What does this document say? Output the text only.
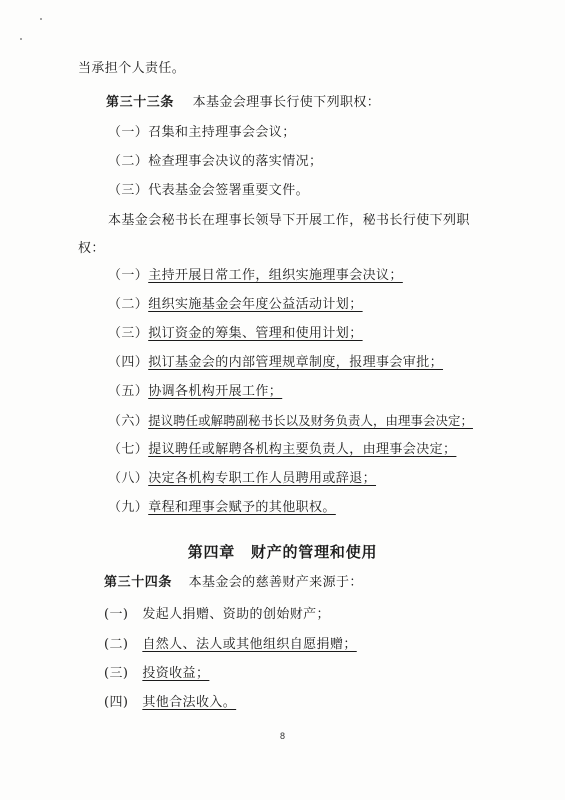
当承担个人责任。
第三十三条 本基金会理事长行使下列职权：
（一）召集和主持理事会会议；
（二）检查理事会决议的落实情况；
（三）代表基金会签署重要文件。
本基金会秘书长在理事长领导下开展工作，秘书长行使下列职
权：
（一）主持开展日常工作，组织实施理事会决议；
（二）组织实施基金会年度公益活动计划；
（三）拟订资金的筹集、管理和使用计划；
（四）拟订基金会的内部管理规章制度，报理事会审批；
（五）协调各机构开展工作；
（六）提议聘任或解聘副秘书长以及财务负责人，由理事会决定；
（七）提议聘任或解聘各机构主要负责人，由理事会决定；
（八）决定各机构专职工作人员聘用或辞退；
（九）章程和理事会赋予的其他职权。
第四章　财产的管理和使用
第三十四条 本基金会的慈善财产来源于：
(一) 发起人捐赠、资助的创始财产；
(二) 自然人、法人或其他组织自愿捐赠；
(三) 投资收益；
(四) 其他合法收入。
8
